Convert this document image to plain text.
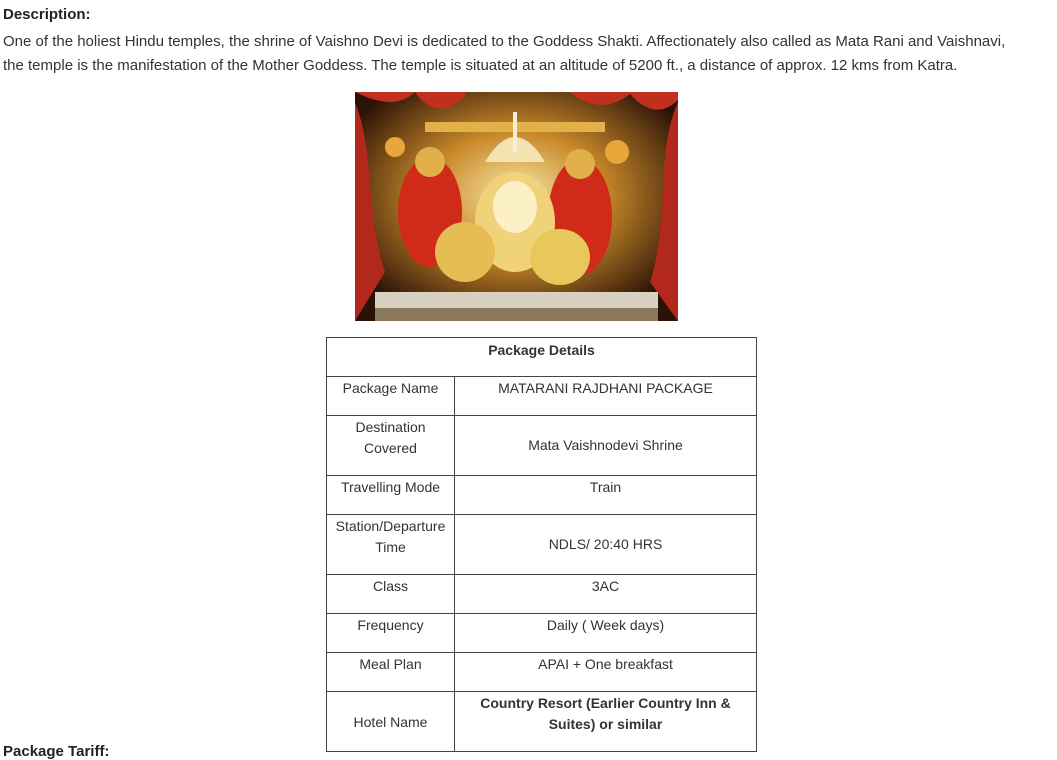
Description:
One of the holiest Hindu temples, the shrine of Vaishno Devi is dedicated to the Goddess Shakti. Affectionately also called as Mata Rani and Vaishnavi,
the temple is the manifestation of the Mother Goddess. The temple is situated at an altitude of 5200 ft., a distance of approx. 12 kms from Katra.
Package Details	
Package Name	MATARANI RAJDHANI PACKAGE
Destination Covered	Mata Vaishnodevi Shrine
Travelling Mode	Train
Station/Departure Time	NDLS/ 20:40 HRS
Class	3AC
Frequency	Daily ( Week days)
Meal Plan	APAI + One breakfast
Hotel Name	Country Resort (Earlier Country Inn & Suites) or similar
Package Tariff:
